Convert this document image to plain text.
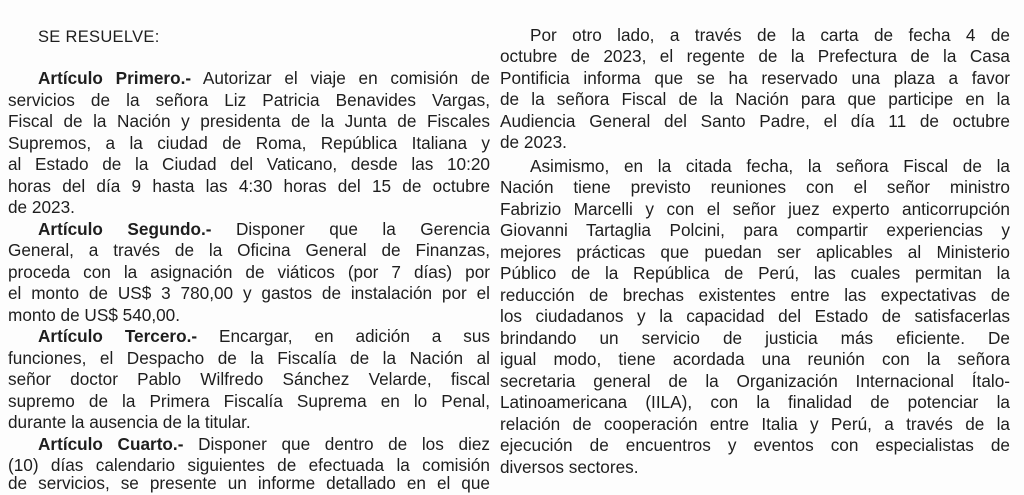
SE RESUELVE:
Artículo Primero.- Autorizar el viaje en comisión de
servicios de la señora Liz Patricia Benavides Vargas,
Fiscal de la Nación y presidenta de la Junta de Fiscales
Supremos, a la ciudad de Roma, República Italiana y
al Estado de la Ciudad del Vaticano, desde las 10:20
horas del día 9 hasta las 4:30 horas del 15 de octubre
de 2023.
Artículo Segundo.- Disponer que la Gerencia
General, a través de la Oficina General de Finanzas,
proceda con la asignación de viáticos (por 7 días) por
el monto de US$ 3 780,00 y gastos de instalación por el
monto de US$ 540,00.
Artículo Tercero.- Encargar, en adición a sus
funciones, el Despacho de la Fiscalía de la Nación al
señor doctor Pablo Wilfredo Sánchez Velarde, fiscal
supremo de la Primera Fiscalía Suprema en lo Penal,
durante la ausencia de la titular.
Artículo Cuarto.- Disponer que dentro de los diez
(10) días calendario siguientes de efectuada la comisión
de servicios, se presente un informe detallado en el que
Por otro lado, a través de la carta de fecha 4 de
octubre de 2023, el regente de la Prefectura de la Casa
Pontificia informa que se ha reservado una plaza a favor
de la señora Fiscal de la Nación para que participe en la
Audiencia General del Santo Padre, el día 11 de octubre
de 2023.
Asimismo, en la citada fecha, la señora Fiscal de la
Nación tiene previsto reuniones con el señor ministro
Fabrizio Marcelli y con el señor juez experto anticorrupción
Giovanni Tartaglia Polcini, para compartir experiencias y
mejores prácticas que puedan ser aplicables al Ministerio
Público de la República de Perú, las cuales permitan la
reducción de brechas existentes entre las expectativas de
los ciudadanos y la capacidad del Estado de satisfacerlas
brindando un servicio de justicia más eficiente. De
igual modo, tiene acordada una reunión con la señora
secretaria general de la Organización Internacional Ítalo-
Latinoamericana (IILA), con la finalidad de potenciar la
relación de cooperación entre Italia y Perú, a través de la
ejecución de encuentros y eventos con especialistas de
diversos sectores.
